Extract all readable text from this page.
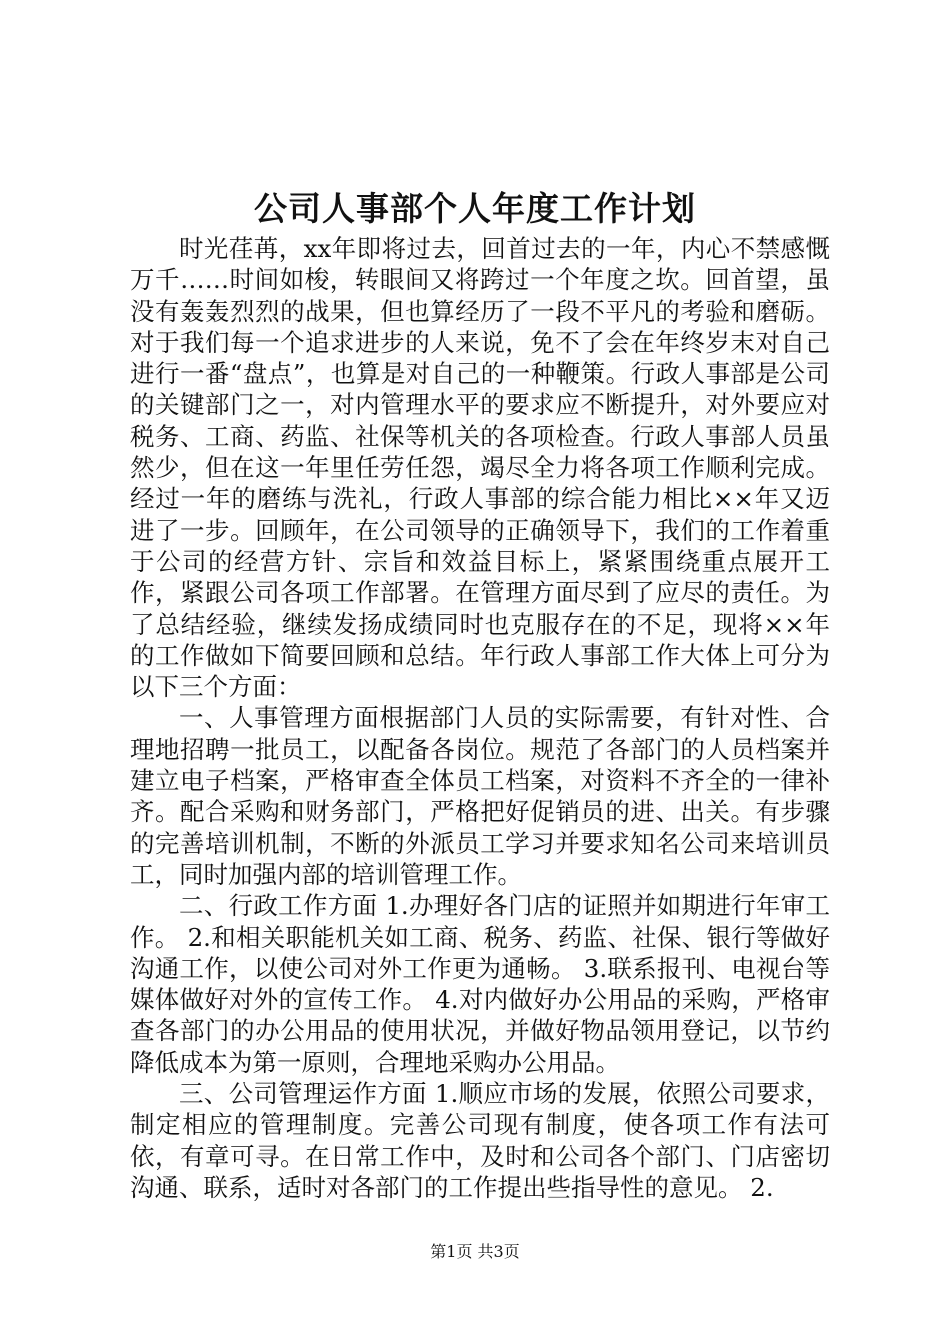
公司人事部个人年度工作计划

时光荏苒，xx年即将过去，回首过去的一年，内心不禁感慨万千……时间如梭，转眼间又将跨过一个年度之坎。回首望，虽没有轰轰烈烈的战果，但也算经历了一段不平凡的考验和磨砺。对于我们每一个追求进步的人来说，免不了会在年终岁末对自己进行一番“盘点”，也算是对自己的一种鞭策。行政人事部是公司的关键部门之一，对内管理水平的要求应不断提升，对外要应对税务、工商、药监、社保等机关的各项检查。行政人事部人员虽然少，但在这一年里任劳任怨，竭尽全力将各项工作顺利完成。经过一年的磨练与洗礼，行政人事部的综合能力相比××年又迈进了一步。回顾年，在公司领导的正确领导下，我们的工作着重于公司的经营方针、宗旨和效益目标上，紧紧围绕重点展开工作，紧跟公司各项工作部署。在管理方面尽到了应尽的责任。为了总结经验，继续发扬成绩同时也克服存在的不足，现将××年的工作做如下简要回顾和总结。年行政人事部工作大体上可分为以下三个方面：

一、人事管理方面根据部门人员的实际需要，有针对性、合理地招聘一批员工，以配备各岗位。规范了各部门的人员档案并建立电子档案，严格审查全体员工档案，对资料不齐全的一律补齐。配合采购和财务部门，严格把好促销员的进、出关。有步骤的完善培训机制，不断的外派员工学习并要求知名公司来培训员工，同时加强内部的培训管理工作。

二、行政工作方面 1.办理好各门店的证照并如期进行年审工作。 2.和相关职能机关如工商、税务、药监、社保、银行等做好沟通工作，以使公司对外工作更为通畅。 3.联系报刊、电视台等媒体做好对外的宣传工作。 4.对内做好办公用品的采购，严格审查各部门的办公用品的使用状况，并做好物品领用登记，以节约降低成本为第一原则，合理地采购办公用品。

三、公司管理运作方面 1.顺应市场的发展，依照公司要求，制定相应的管理制度。完善公司现有制度，使各项工作有法可依，有章可寻。在日常工作中，及时和公司各个部门、门店密切沟通、联系，适时对各部门的工作提出些指导性的意见。 2.

第1页 共3页
